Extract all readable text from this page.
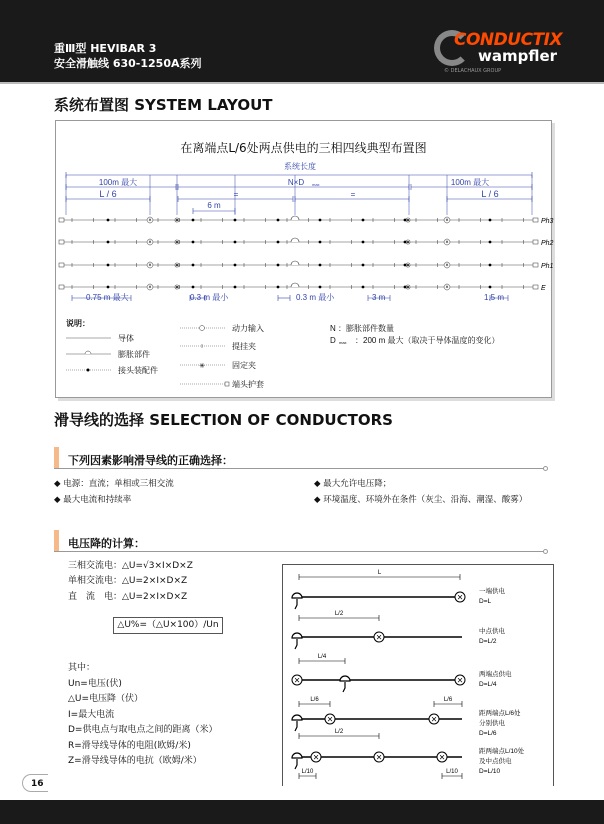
重Ⅲ型 HEVIBAR 3
安全滑触线 630-1250A系列
CONDUCTIX
wampfler
© DELACHAUX GROUP
系统布置图 SYSTEM LAYOUT
在离端点L/6处两点供电的三相四线典型布置图
系统长度
100m 最大	N×D max	100m 最大
L / 6	=	=	L / 6
6 m
×	×
✳	✳	Ph3
×	×
✳	✳	Ph2
×	×
✳	✳	Ph1
×	×
✳	✳	E
0.75 m 最大	0.3 m 最小	0.3 m 最小	3 m	1.5 m
导体
膨胀部件
接头装配件
动力输入
提挂夹
✳	固定夹
端头护套
N ：膨胀部件数量
D max ：200 m 最大（取决于导体温度的变化）
说明：
滑导线的选择 SELECTION OF CONDUCTORS
下列因素影响滑导线的正确选择：
◆ 电源：直流；单相或三相交流
◆ 最大电流和持续率
◆ 最大允许电压降；
◆ 环境温度、环境外在条件（灰尘、沿海、潮湿、酸雾）
电压降的计算：
三相交流电：△U=√3×I×D×Z
单相交流电：△U=2×I×D×Z
直　流　电：△U=2×I×D×Z
△U%=（△U×100）/Un
其中：
Un=电压(伏)
△U=电压降（伏）
I=最大电流
D=供电点与取电点之间的距离（米）
R=滑导线导体的电阻(欧姆/米)
Z=滑导线导体的电抗（欧姆/米）
一端供电
D=L
中点供电
D=L/2
两端点供电
D=L/4
距两端点L/6处
分别供电
D=L/6
距两端点L/10处
及中点供电
D=L/10
×
L
×
L/2
×	×
L/4
×	×
L/6	L/6
×	×	×
L/2
L/10	L/10
16
